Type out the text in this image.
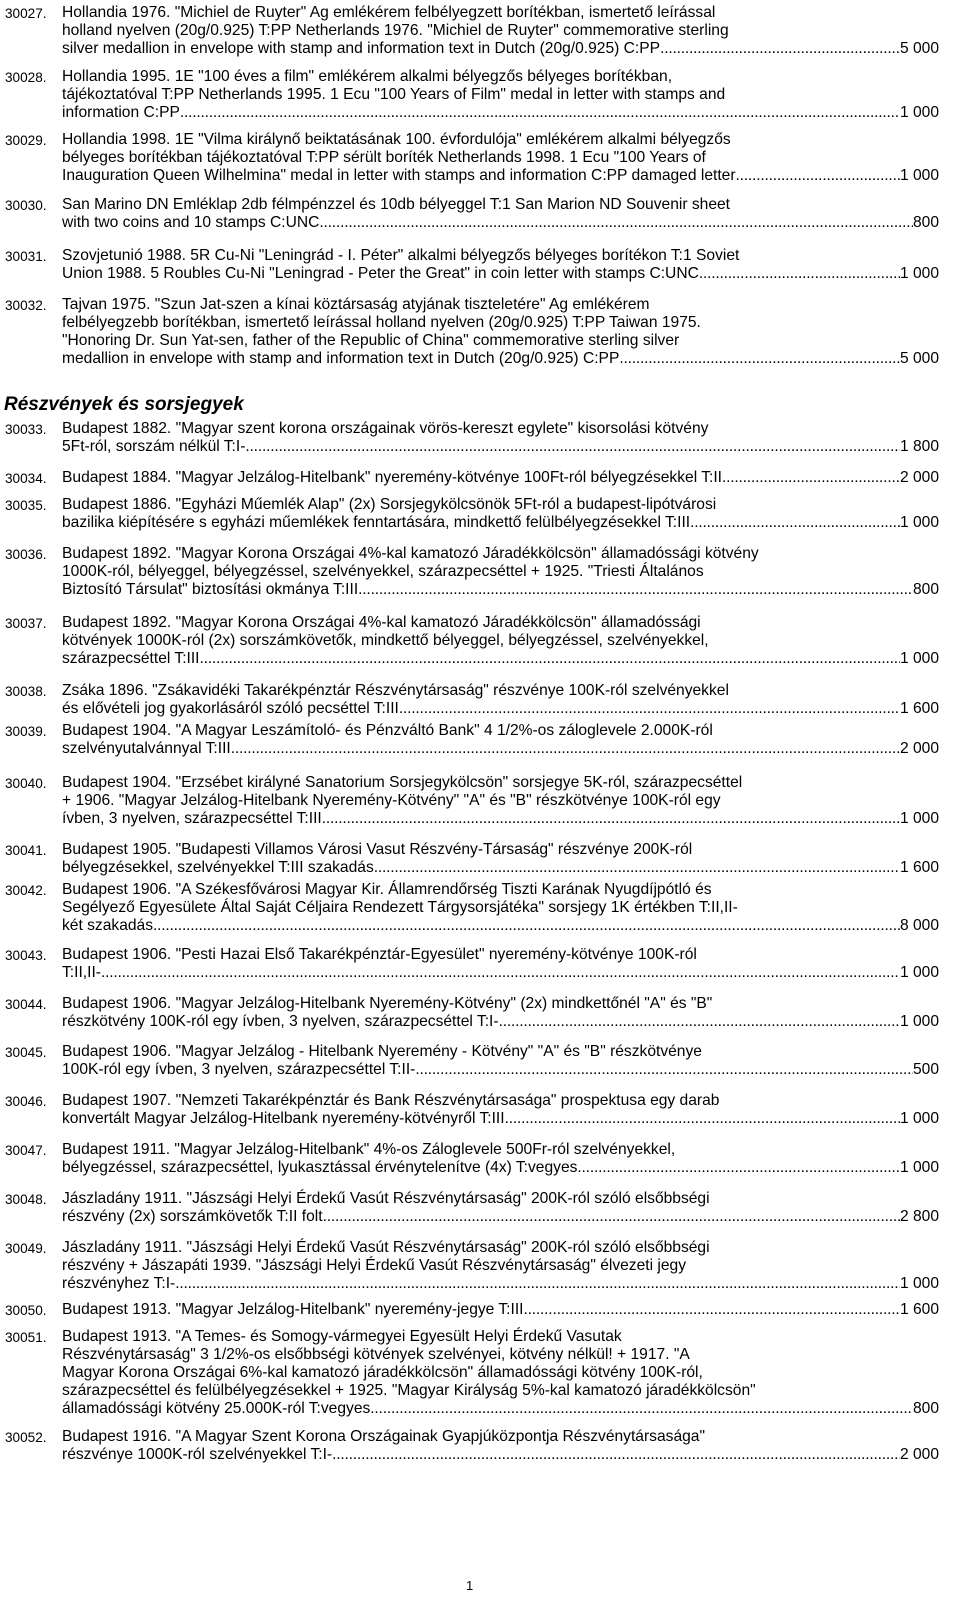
30027. Hollandia 1976. "Michiel de Ruyter" Ag emlékérem felbélyegzett borítékban, ismertető leírással
holland nyelven (20g/0.925) T:PP Netherlands 1976. "Michiel de Ruyter" commemorative sterling
silver medallion in envelope with stamp and information text in Dutch (20g/0.925) C:PP .....	5 000
30028. Hollandia 1995. 1E "100 éves a film" emlékérem alkalmi bélyegzős bélyeges borítékban,
tájékoztatóval T:PP Netherlands 1995. 1 Ecu "100 Years of Film" medal in letter with stamps and
information C:PP .....	1 000
30029. Hollandia 1998. 1E "Vilma királynő beiktatásának 100. évfordulója" emlékérem alkalmi bélyegzős
bélyeges borítékban tájékoztatóval T:PP sérült boríték Netherlands 1998. 1 Ecu "100 Years of
Inauguration Queen Wilhelmina" medal in letter with stamps and information C:PP damaged letter .....	1 000
30030. San Marino DN Emléklap 2db félmpénzzel és 10db bélyeggel T:1 San Marion ND Souvenir sheet
with two coins and 10 stamps C:UNC .....	800
30031. Szovjetunió 1988. 5R Cu-Ni "Leningrád - I. Péter" alkalmi bélyegzős bélyeges borítékon T:1 Soviet
Union 1988. 5 Roubles Cu-Ni "Leningrad - Peter the Great" in coin letter with stamps C:UNC .....	1 000
30032. Tajvan 1975. "Szun Jat-szen a kínai köztársaság atyjának tiszteletére" Ag emlékérem
felbélyegzebb borítékban, ismertető leírással holland nyelven (20g/0.925) T:PP Taiwan 1975.
"Honoring Dr. Sun Yat-sen, father of the Republic of China" commemorative sterling silver
medallion in envelope with stamp and information text in Dutch (20g/0.925) C:PP .....	5 000
30033. Budapest 1882. "Magyar szent korona országainak vörös-kereszt egylete" kisorsolási kötvény
5Ft-ról, sorszám nélkül T:I- .....	1 800
30034. Budapest 1884. "Magyar Jelzálog-Hitelbank" nyeremény-kötvénye 100Ft-ról bélyegzésekkel T:II .....	2 000
30035. Budapest 1886. "Egyházi Műemlék Alap" (2x) Sorsjegykölcsönök 5Ft-ról a budapest-lipótvárosi
bazilika kiépítésére s egyházi műemlékek fenntartására, mindkettő felülbélyegzésekkel T:III .....	1 000
30036. Budapest 1892. "Magyar Korona Országai 4%-kal kamatozó Járadékkölcsön" államadóssági kötvény
1000K-ról, bélyeggel, bélyegzéssel, szelvényekkel, szárazpecséttel + 1925. "Triesti Általános
Biztosító Társulat" biztosítási okmánya T:III .....	800
30037. Budapest 1892. "Magyar Korona Országai 4%-kal kamatozó Járadékkölcsön" államadóssági
kötvények 1000K-ról (2x) sorszámkövetők, mindkettő bélyeggel, bélyegzéssel, szelvényekkel,
szárazpecséttel T:III .....	1 000
30038. Zsáka 1896. "Zsákavidéki Takarékpénztár Részvénytársaság" részvénye 100K-ról szelvényekkel
és elővételi jog gyakorlásáról szóló pecséttel T:III .....	1 600
30039. Budapest 1904. "A Magyar Leszámítoló- és Pénzváltó Bank" 4 1/2%-os záloglevele 2.000K-ról
szelvényutalvánnyal T:III .....	2 000
30040. Budapest 1904. "Erzsébet királyné Sanatorium Sorsjegykölcsön" sorsjegye 5K-ról, szárazpecséttel
+ 1906. "Magyar Jelzálog-Hitelbank Nyeremény-Kötvény" "A" és "B" részkötvénye 100K-ról egy
ívben, 3 nyelven, szárazpecséttel T:III .....	1 000
30041. Budapest 1905. "Budapesti Villamos Városi Vasut Részvény-Társaság" részvénye 200K-ról
bélyegzésekkel, szelvényekkel T:III szakadás .....	1 600
30042. Budapest 1906. "A Székesfővárosi Magyar Kir. Államrendőrség Tiszti Karának Nyugdíjpótló és
Segélyező Egyesülete Által Saját Céljaira Rendezett Tárgysorsjátéka" sorsjegy 1K értékben T:II,II-
két szakadás .....	8 000
30043. Budapest 1906. "Pesti Hazai Első Takarékpénztár-Egyesület" nyeremény-kötvénye 100K-ról
T:II,II- .....	1 000
30044. Budapest 1906. "Magyar Jelzálog-Hitelbank Nyeremény-Kötvény" (2x) mindkettőnél "A" és "B"
részkötvény 100K-ról egy ívben, 3 nyelven, szárazpecséttel T:I- .....	1 000
30045. Budapest 1906. "Magyar Jelzálog - Hitelbank Nyeremény - Kötvény" "A" és "B" részkötvénye
100K-ról egy ívben, 3 nyelven, szárazpecséttel T:II- .....	500
30046. Budapest 1907. "Nemzeti Takarékpénztár és Bank Részvénytársasága" prospektusa egy darab
konvertált Magyar Jelzálog-Hitelbank nyeremény-kötvényről T:III .....	1 000
30047. Budapest 1911. "Magyar Jelzálog-Hitelbank" 4%-os Záloglevele 500Fr-ról szelvényekkel,
bélyegzéssel, szárazpecséttel, lyukasztással érvénytelenítve (4x) T:vegyes .....	1 000
30048. Jászladány 1911. "Jászsági Helyi Érdekű Vasút Részvénytársaság" 200K-ról szóló elsőbbségi
részvény (2x) sorszámkövetők T:II folt .....	2 800
30049. Jászladány 1911. "Jászsági Helyi Érdekű Vasút Részvénytársaság" 200K-ról szóló elsőbbségi
részvény + Jászapáti 1939. "Jászsági Helyi Érdekű Vasút Részvénytársaság" élvezeti jegy
részvényhez T:I- .....	1 000
30050. Budapest 1913. "Magyar Jelzálog-Hitelbank" nyeremény-jegye T:III .....	1 600
30051. Budapest 1913. "A Temes- és Somogy-vármegyei Egyesült Helyi Érdekű Vasutak
Részvénytársaság" 3 1/2%-os elsőbbségi kötvények szelvényei, kötvény nélkül! + 1917. "A
Magyar Korona Országai 6%-kal kamatozó járadékkölcsön" államadóssági kötvény 100K-ról,
szárazpecséttel és felülbélyegzésekkel + 1925. "Magyar Királyság 5%-kal kamatozó járadékkölcsön"
államadóssági kötvény 25.000K-ról T:vegyes .....	800
30052. Budapest 1916. "A Magyar Szent Korona Országainak Gyapjúközpontja Részvénytársasága"
részvénye 1000K-ról szelvényekkel T:I- .....	2 000
Részvények és sorsjegyek
1
